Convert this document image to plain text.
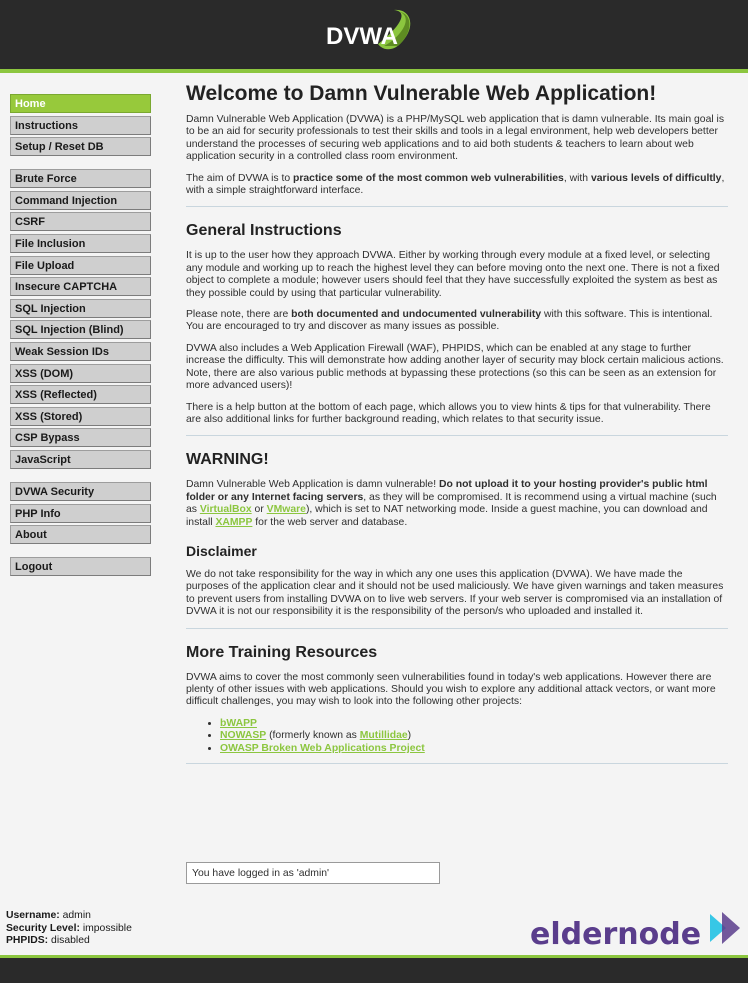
DVWA
Home
Instructions
Setup / Reset DB
Brute Force
Command Injection
CSRF
File Inclusion
File Upload
Insecure CAPTCHA
SQL Injection
SQL Injection (Blind)
Weak Session IDs
XSS (DOM)
XSS (Reflected)
XSS (Stored)
CSP Bypass
JavaScript
DVWA Security
PHP Info
About
Logout
Welcome to Damn Vulnerable Web Application!

Damn Vulnerable Web Application (DVWA) is a PHP/MySQL web application that is damn vulnerable. Its main goal is to be an aid for security professionals to test their skills and tools in a legal environment, help web developers better understand the processes of securing web applications and to aid both students & teachers to learn about web application security in a controlled class room environment.

The aim of DVWA is to practice some of the most common web vulnerabilities, with various levels of difficultly, with a simple straightforward interface.

General Instructions

It is up to the user how they approach DVWA. Either by working through every module at a fixed level, or selecting any module and working up to reach the highest level they can before moving onto the next one. There is not a fixed object to complete a module; however users should feel that they have successfully exploited the system as best as they possible could by using that particular vulnerability.

Please note, there are both documented and undocumented vulnerability with this software. This is intentional. You are encouraged to try and discover as many issues as possible.

DVWA also includes a Web Application Firewall (WAF), PHPIDS, which can be enabled at any stage to further increase the difficulty. This will demonstrate how adding another layer of security may block certain malicious actions. Note, there are also various public methods at bypassing these protections (so this can be seen as an extension for more advanced users)!

There is a help button at the bottom of each page, which allows you to view hints & tips for that vulnerability. There are also additional links for further background reading, which relates to that security issue.

WARNING!

Damn Vulnerable Web Application is damn vulnerable! Do not upload it to your hosting provider's public html folder or any Internet facing servers, as they will be compromised. It is recommend using a virtual machine (such as VirtualBox or VMware), which is set to NAT networking mode. Inside a guest machine, you can download and install XAMPP for the web server and database.

Disclaimer

We do not take responsibility for the way in which any one uses this application (DVWA). We have made the purposes of the application clear and it should not be used maliciously. We have given warnings and taken measures to prevent users from installing DVWA on to live web servers. If your web server is compromised via an installation of DVWA it is not our responsibility it is the responsibility of the person/s who uploaded and installed it.

More Training Resources

DVWA aims to cover the most commonly seen vulnerabilities found in today's web applications. However there are plenty of other issues with web applications. Should you wish to explore any additional attack vectors, or want more difficult challenges, you may wish to look into the following other projects:

• bWAPP
• NOWASP (formerly known as Mutillidae)
• OWASP Broken Web Applications Project
You have logged in as 'admin'
Username: admin
Security Level: impossible
PHPIDS: disabled	eldernode
